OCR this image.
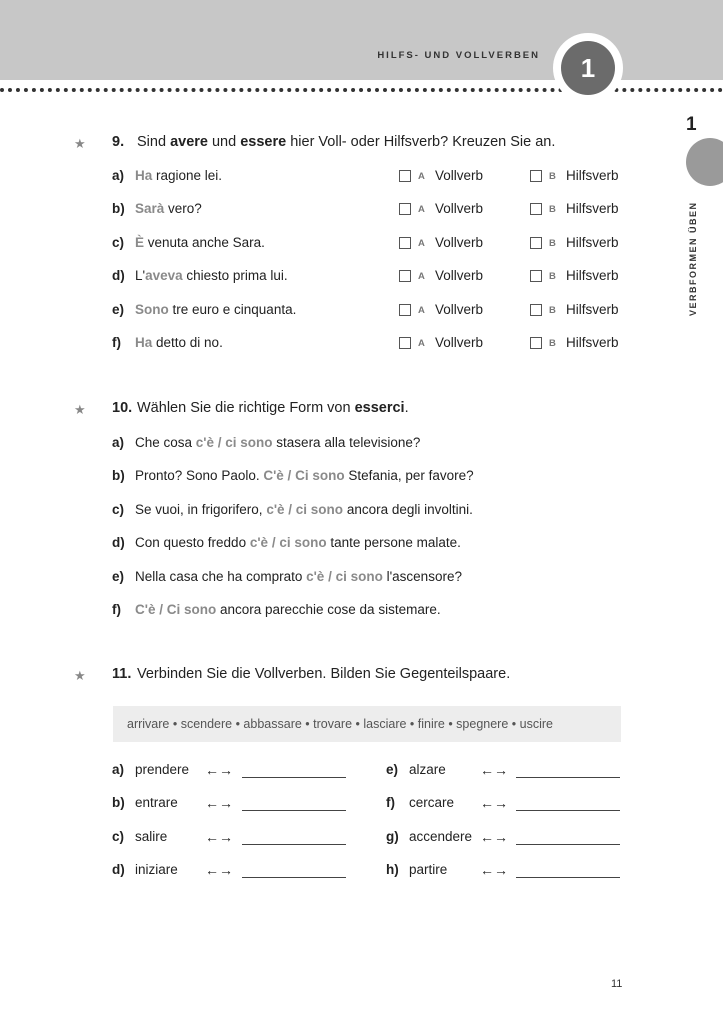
HILFS- UND VOLLVERBEN	1
1
VERBFORMEN ÜBEN
★ 9. Sind avere und essere hier Voll- oder Hilfsverb? Kreuzen Sie an.
a) Ha ragione lei.	A Vollverb	B Hilfsverb
b) Sarà vero?	A Vollverb	B Hilfsverb
c) È venuta anche Sara.	A Vollverb	B Hilfsverb
d) L'aveva chiesto prima lui.	A Vollverb	B Hilfsverb
e) Sono tre euro e cinquanta.	A Vollverb	B Hilfsverb
f) Ha detto di no.	A Vollverb	B Hilfsverb
★ 10. Wählen Sie die richtige Form von esserci.
a) Che cosa c'è / ci sono stasera alla televisione?
b) Pronto? Sono Paolo. C'è / Ci sono Stefania, per favore?
c) Se vuoi, in frigorifero, c'è / ci sono ancora degli involtini.
d) Con questo freddo c'è / ci sono tante persone malate.
e) Nella casa che ha comprato c'è / ci sono l'ascensore?
f) C'è / Ci sono ancora parecchie cose da sistemare.
★ 11. Verbinden Sie die Vollverben. Bilden Sie Gegenteilspaare.
arrivare • scendere • abbassare • trovare • lasciare • finire • spegnere • uscire
a) prendere ←→
b) entrare ←→
c) salire	←→
d) iniziare ←→
e) alzare ←→
f) cercare ←→
g) accendere ←→
h) partire ←→
11
